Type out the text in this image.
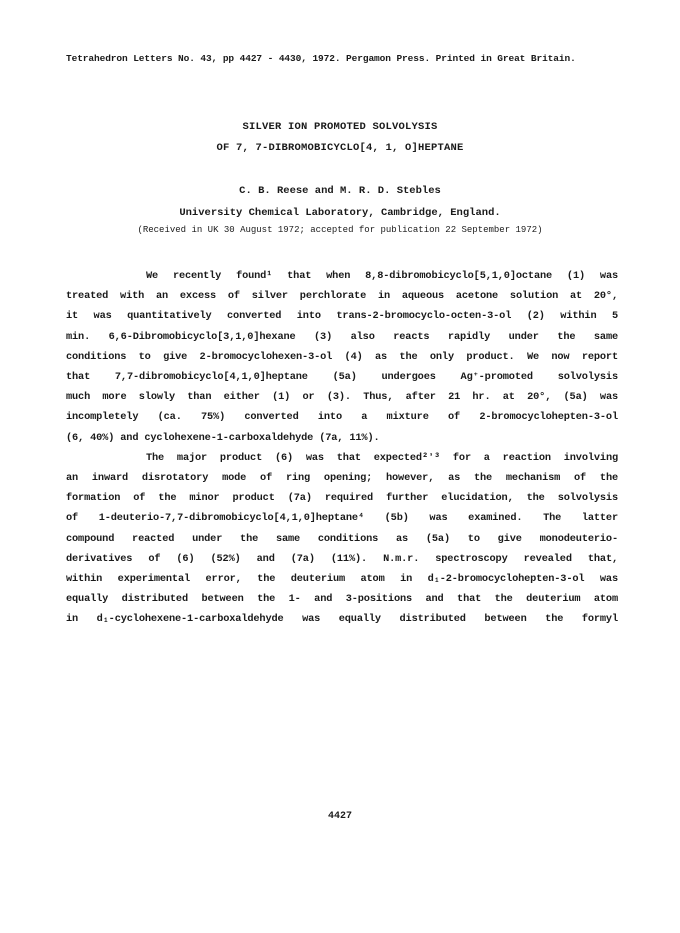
Tetrahedron Letters No. 43, pp 4427 - 4430, 1972. Pergamon Press. Printed in Great Britain.
SILVER ION PROMOTED SOLVOLYSIS
OF 7, 7-DIBROMOBICYCLO[4, 1, O]HEPTANE
C. B. Reese and M. R. D. Stebles
University Chemical Laboratory, Cambridge, England.
(Received in UK 30 August 1972; accepted for publication 22 September 1972)
We recently found¹ that when 8,8-dibromobicyclo[5,1,0]octane (1) was
treated with an excess of silver perchlorate in aqueous acetone solution at 20°,
it was quantitatively converted into trans-2-bromocyclo-octen-3-ol (2) within 5
min. 6,6-Dibromobicyclo[3,1,0]hexane (3) also reacts rapidly under the same
conditions to give 2-bromocyclohexen-3-ol (4) as the only product. We now report
that 7,7-dibromobicyclo[4,1,0]heptane (5a) undergoes Ag⁺-promoted solvolysis
much more slowly than either (1) or (3). Thus, after 21 hr. at 20°, (5a) was
incompletely (ca. 75%) converted into a mixture of 2-bromocyclohepten-3-ol
(6, 40%) and cyclohexene-1-carboxaldehyde (7a, 11%).
The major product (6) was that expected²ʼ³ for a reaction involving
an inward disrotatory mode of ring opening; however, as the mechanism of the
formation of the minor product (7a) required further elucidation, the solvolysis
of 1-deuterio-7,7-dibromobicyclo[4,1,0]heptane⁴ (5b) was examined. The latter
compound reacted under the same conditions as (5a) to give monodeuterio-
derivatives of (6) (52%) and (7a) (11%). N.m.r. spectroscopy revealed that,
within experimental error, the deuterium atom in d₁-2-bromocyclohepten-3-ol was
equally distributed between the 1- and 3-positions and that the deuterium atom
in d₁-cyclohexene-1-carboxaldehyde was equally distributed between the formyl
4427
